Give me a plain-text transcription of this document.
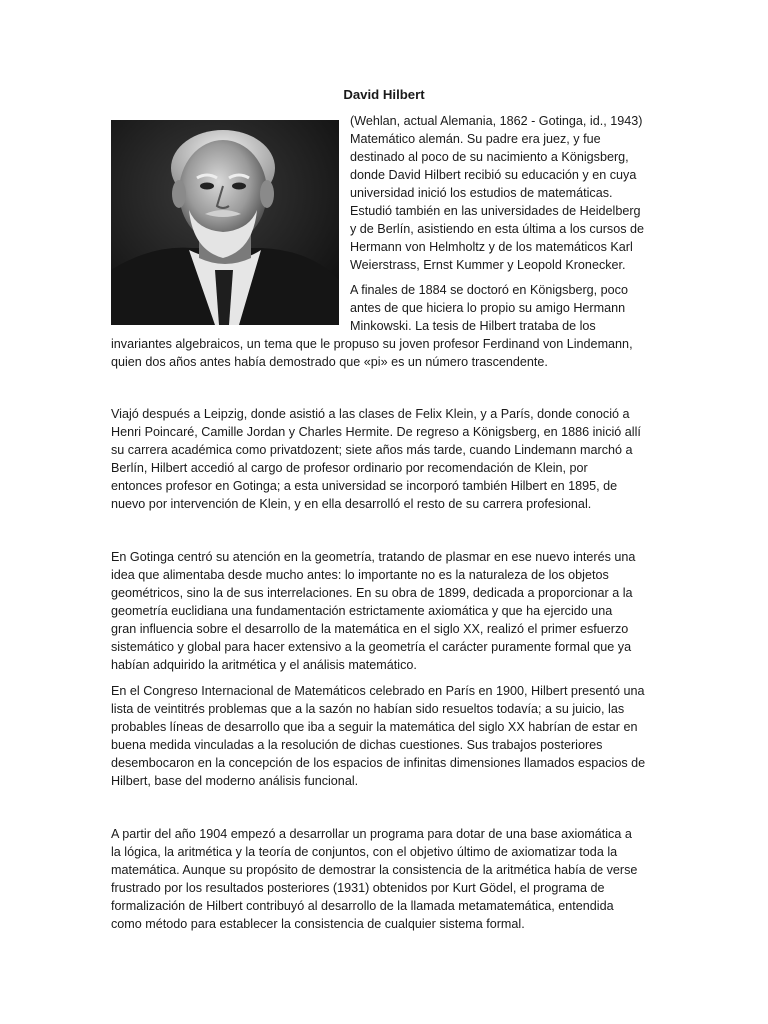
David Hilbert
(Wehlan, actual Alemania, 1862 - Gotinga, id., 1943)
Matemático alemán. Su padre era juez, y fue
destinado al poco de su nacimiento a Königsberg,
donde David Hilbert recibió su educación y en cuya
universidad inició los estudios de matemáticas.
Estudió también en las universidades de Heidelberg
y de Berlín, asistiendo en esta última a los cursos de
Hermann von Helmholtz y de los matemáticos Karl
Weierstrass, Ernst Kummer y Leopold Kronecker.
A finales de 1884 se doctoró en Königsberg, poco
antes de que hiciera lo propio su amigo Hermann
Minkowski. La tesis de Hilbert trataba de los
invariantes algebraicos, un tema que le propuso su joven profesor Ferdinand von Lindemann,
quien dos años antes había demostrado que «pi» es un número trascendente.
Viajó después a Leipzig, donde asistió a las clases de Felix Klein, y a París, donde conoció a
Henri Poincaré, Camille Jordan y Charles Hermite. De regreso a Königsberg, en 1886 inició allí
su carrera académica como privatdozent; siete años más tarde, cuando Lindemann marchó a
Berlín, Hilbert accedió al cargo de profesor ordinario por recomendación de Klein, por
entonces profesor en Gotinga; a esta universidad se incorporó también Hilbert en 1895, de
nuevo por intervención de Klein, y en ella desarrolló el resto de su carrera profesional.
En Gotinga centró su atención en la geometría, tratando de plasmar en ese nuevo interés una
idea que alimentaba desde mucho antes: lo importante no es la naturaleza de los objetos
geométricos, sino la de sus interrelaciones. En su obra de 1899, dedicada a proporcionar a la
geometría euclidiana una fundamentación estrictamente axiomática y que ha ejercido una
gran influencia sobre el desarrollo de la matemática en el siglo XX, realizó el primer esfuerzo
sistemático y global para hacer extensivo a la geometría el carácter puramente formal que ya
habían adquirido la aritmética y el análisis matemático.
En el Congreso Internacional de Matemáticos celebrado en París en 1900, Hilbert presentó una
lista de veintitrés problemas que a la sazón no habían sido resueltos todavía; a su juicio, las
probables líneas de desarrollo que iba a seguir la matemática del siglo XX habrían de estar en
buena medida vinculadas a la resolución de dichas cuestiones. Sus trabajos posteriores
desembocaron en la concepción de los espacios de infinitas dimensiones llamados espacios de
Hilbert, base del moderno análisis funcional.
A partir del año 1904 empezó a desarrollar un programa para dotar de una base axiomática a
la lógica, la aritmética y la teoría de conjuntos, con el objetivo último de axiomatizar toda la
matemática. Aunque su propósito de demostrar la consistencia de la aritmética había de verse
frustrado por los resultados posteriores (1931) obtenidos por Kurt Gödel, el programa de
formalización de Hilbert contribuyó al desarrollo de la llamada metamatemática, entendida
como método para establecer la consistencia de cualquier sistema formal.
